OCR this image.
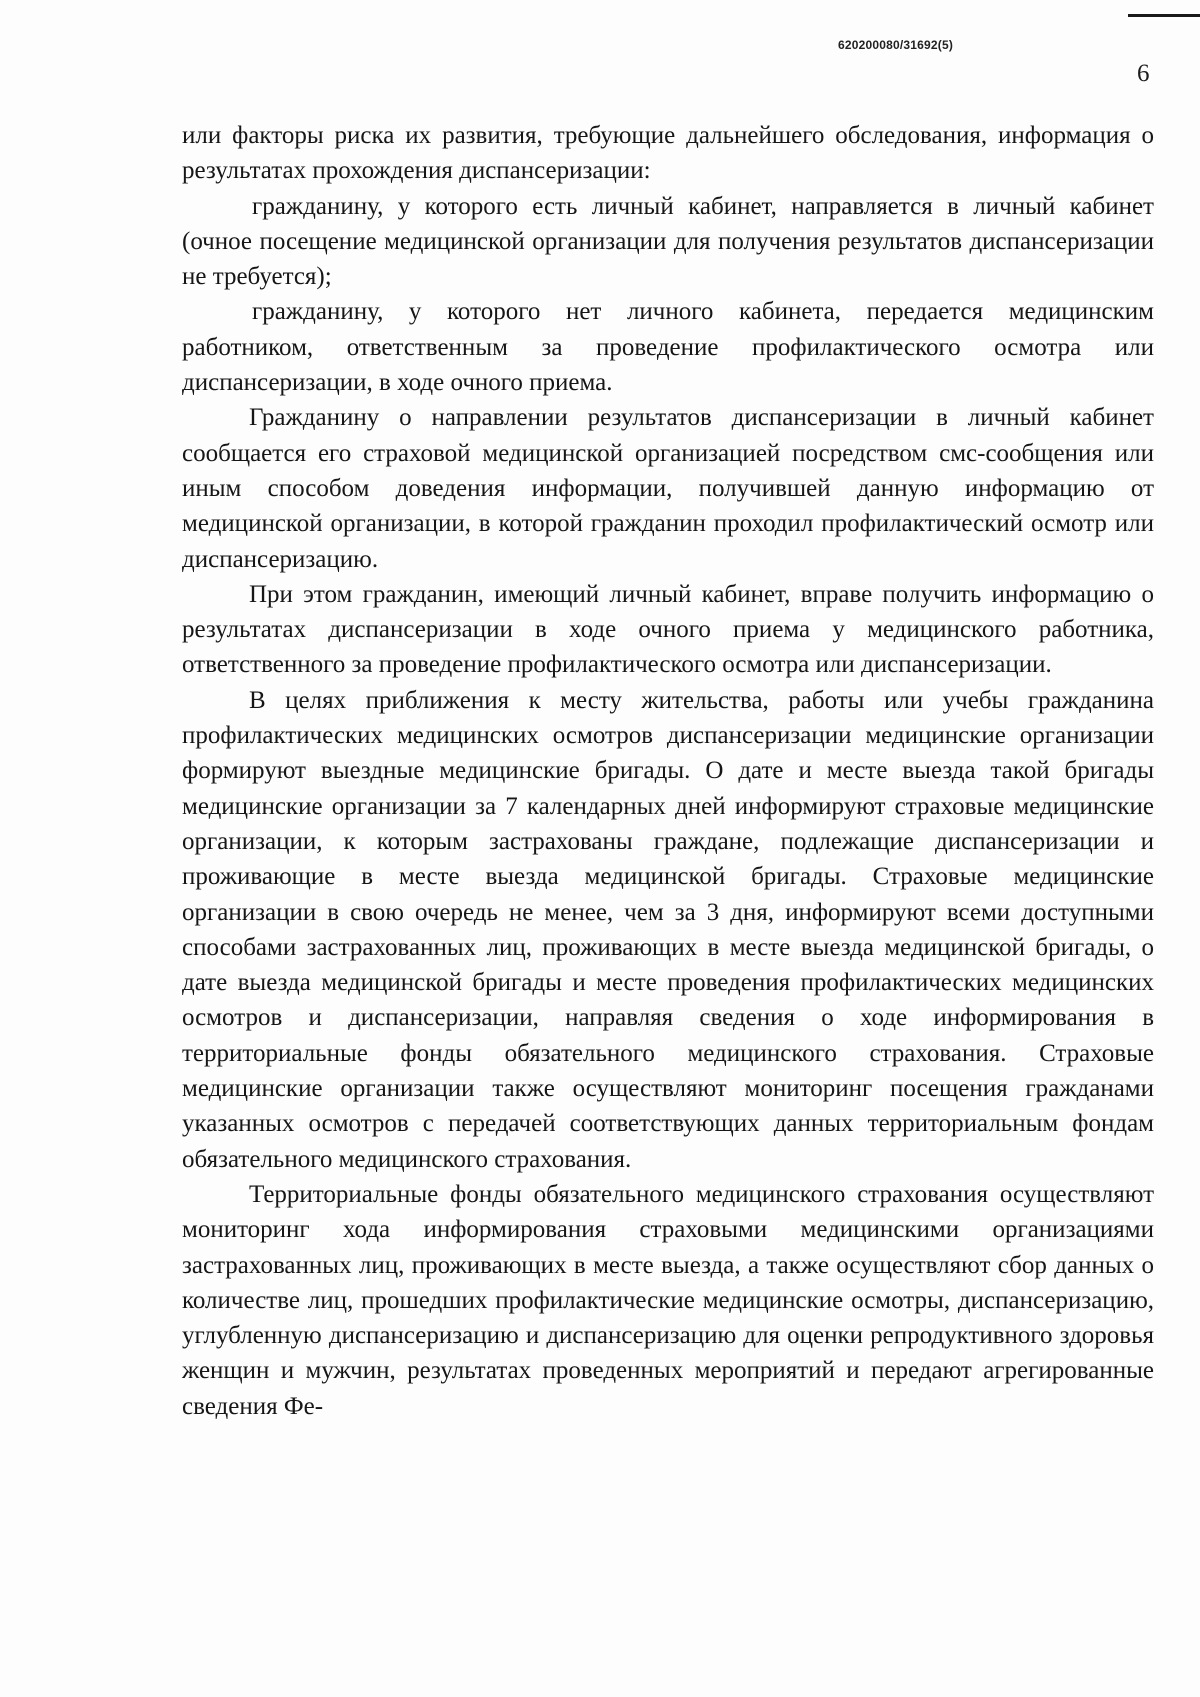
620200080/31692(5)
6

или факторы риска их развития, требующие дальнейшего обследования, информация о результатах прохождения диспансеризации:

гражданину, у которого есть личный кабинет, направляется в личный кабинет (очное посещение медицинской организации для получения результатов диспансеризации не требуется);

гражданину, у которого нет личного кабинета, передается медицинским работником, ответственным за проведение профилактического осмотра или диспансеризации, в ходе очного приема.

Гражданину о направлении результатов диспансеризации в личный кабинет сообщается его страховой медицинской организацией посредством смс-сообщения или иным способом доведения информации, получившей данную информацию от медицинской организации, в которой гражданин проходил профилактический осмотр или диспансеризацию.

При этом гражданин, имеющий личный кабинет, вправе получить информацию о результатах диспансеризации в ходе очного приема у медицинского работника, ответственного за проведение профилактического осмотра или диспансеризации.

В целях приближения к месту жительства, работы или учебы гражданина профилактических медицинских осмотров диспансеризации медицинские организации формируют выездные медицинские бригады. О дате и месте выезда такой бригады медицинские организации за 7 календарных дней информируют страховые медицинские организации, к которым застрахованы граждане, подлежащие диспансеризации и проживающие в месте выезда медицинской бригады. Страховые медицинские организации в свою очередь не менее, чем за 3 дня, информируют всеми доступными способами застрахованных лиц, проживающих в месте выезда медицинской бригады, о дате выезда медицинской бригады и месте проведения профилактических медицинских осмотров и диспансеризации, направляя сведения о ходе информирования в территориальные фонды обязательного медицинского страхования. Страховые медицинские организации также осуществляют мониторинг посещения гражданами указанных осмотров с передачей соответствующих данных территориальным фондам обязательного медицинского страхования.

Территориальные фонды обязательного медицинского страхования осуществляют мониторинг хода информирования страховыми медицинскими организациями застрахованных лиц, проживающих в месте выезда, а также осуществляют сбор данных о количестве лиц, прошедших профилактические медицинские осмотры, диспансеризацию, углубленную диспансеризацию и диспансеризацию для оценки репродуктивного здоровья женщин и мужчин, результатах проведенных мероприятий и передают агрегированные сведения Фе-
